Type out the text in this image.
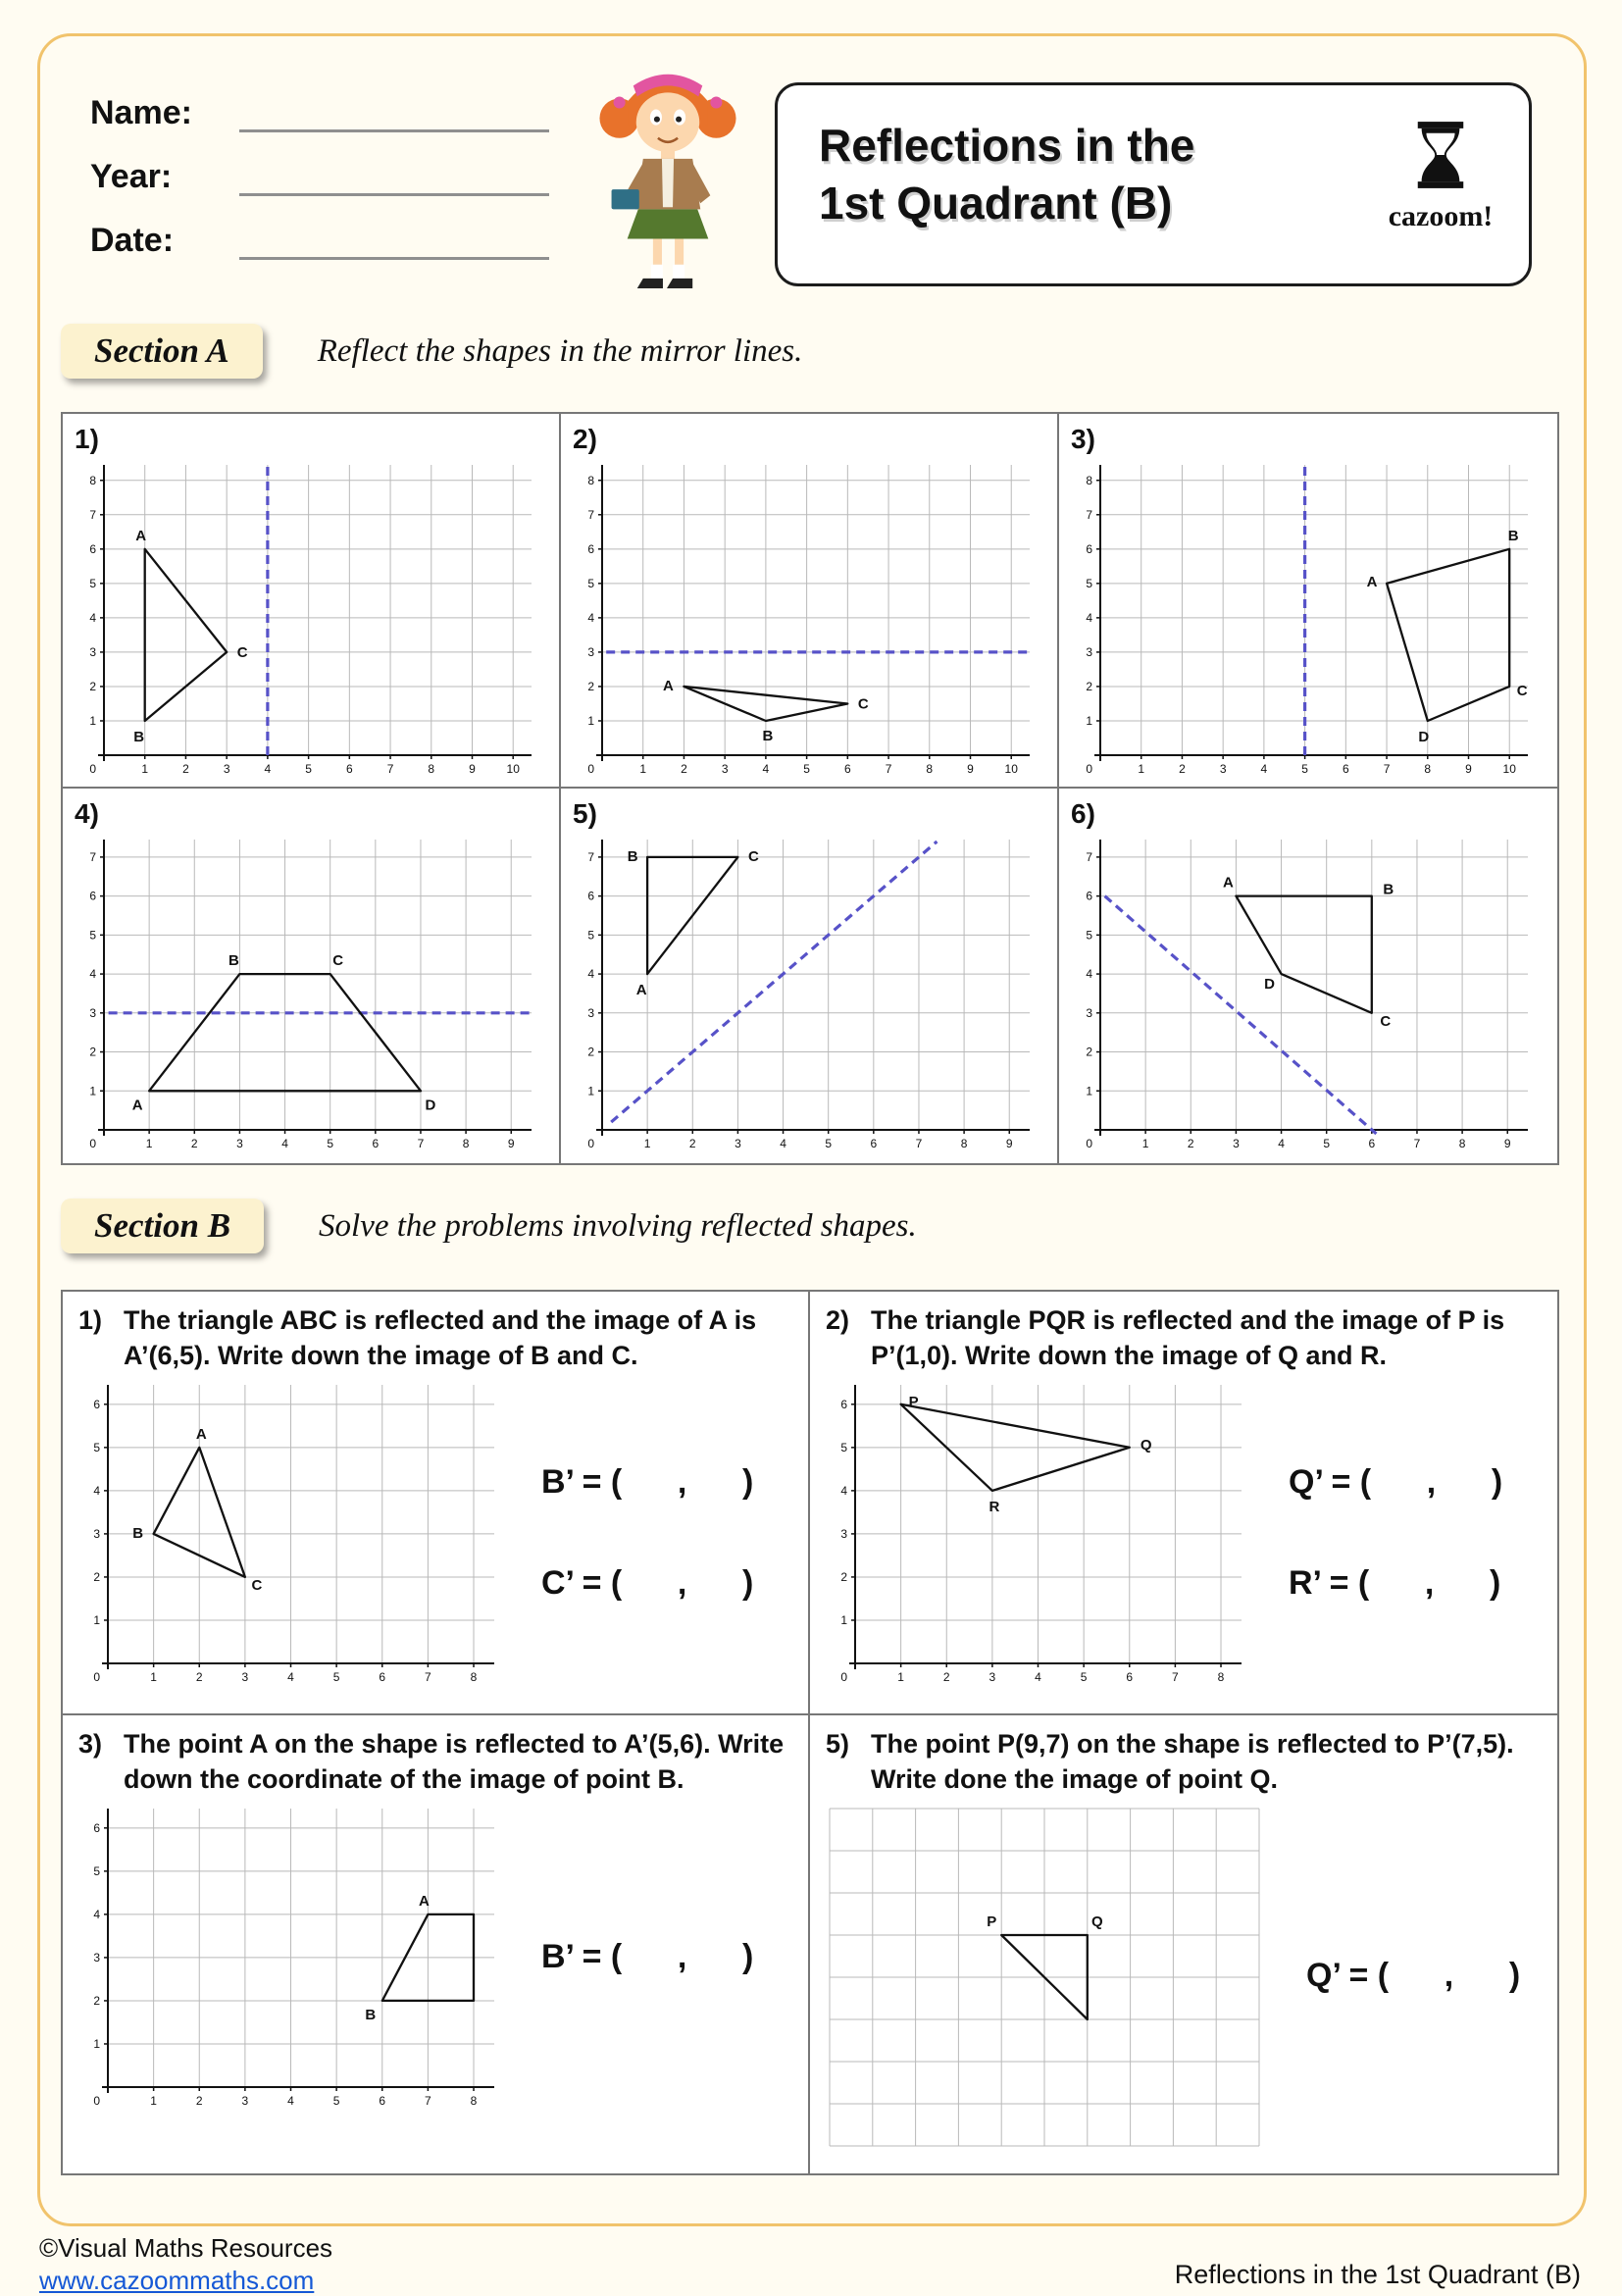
Name:
Year:
Date:
Reflections in the
1st Quadrant (B)	cazoom!
Section A	Reflect the shapes in the mirror lines.
1)
1	2	3	4	5	6	7	8	9	10
1
2
3
4
5
6
7
8
0
A
B
C
2)
1	2	3	4	5	6	7	8	9	10
1
2
3
4
5
6
7
8
0
A
B
C
3)
1	2	3	4	5	6	7	8	9	10
1
2
3
4
5
6
7
8
0
A
B
C
D
4)
1	2	3	4	5	6	7	8	9
1
2
3
4
5
6
7
0
A
B	C
D
5)
1	2	3	4	5	6	7	8	9
1
2
3
4
5
6
7
0
B	C
A
6)
1	2	3	4	5	6	7	8	9
1
2
3
4
5
6
7
0
A	B
C
D
Section B	Solve the problems involving reflected shapes.
1) The triangle ABC is reflected and the image of A is A’(6,5). Write down the image of B and C.
1	2	3	4	5	6	7	8
1
2
3
4
5
6
0
A
B
C
B’ = (      ,      )
C’ = (      ,      )
2) The triangle PQR is reflected and the image of P is P’(1,0). Write down the image of Q and R.
1	2	3	4	5	6	7	8
1
2
3
4
5
6
0
P
Q
R
Q’ = (      ,      )
R’ = (      ,      )
3) The point A on the shape is reflected to A’(5,6). Write down the coordinate of the image of point B.
1	2	3	4	5	6	7	8
1
2
3
4
5
6
0
A
B
B’ = (      ,      )
5) The point P(9,7) on the shape is reflected to P’(7,5). Write done the image of point Q.
P	Q
Q’ = (      ,      )
©Visual Maths Resources
www.cazoommaths.com	Reflections in the 1st Quadrant (B)
